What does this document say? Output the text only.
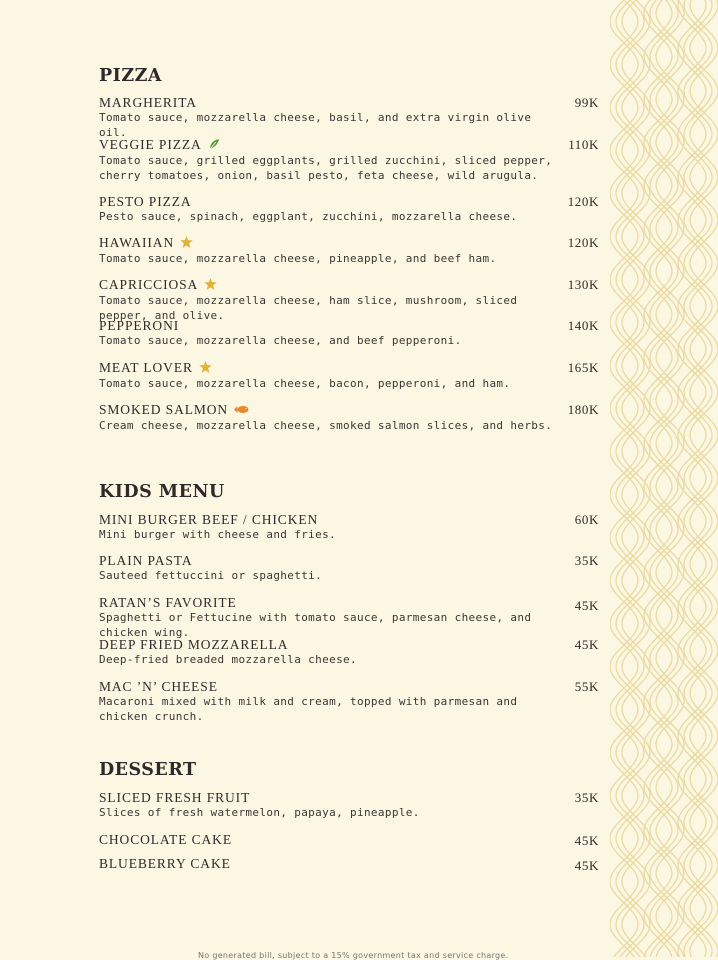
PIZZA
MARGHERITA
Tomato sauce, mozzarella cheese, basil, and extra virgin olive oil.
99K
VEGGIE PIZZA
Tomato sauce, grilled eggplants, grilled zucchini, sliced pepper, cherry tomatoes, onion, basil pesto, feta cheese, wild arugula.
110K
PESTO PIZZA
Pesto sauce, spinach, eggplant, zucchini, mozzarella cheese.
120K
HAWAIIAN
Tomato sauce, mozzarella cheese, pineapple, and beef ham.
120K
CAPRICCIOSA
Tomato sauce, mozzarella cheese, ham slice, mushroom, sliced pepper, and olive.
130K
PEPPERONI
Tomato sauce, mozzarella cheese, and beef pepperoni.
140K
MEAT LOVER
Tomato sauce, mozzarella cheese, bacon, pepperoni, and ham.
165K
SMOKED SALMON
Cream cheese, mozzarella cheese, smoked salmon slices, and herbs.
180K
KIDS MENU
MINI BURGER BEEF / CHICKEN
Mini burger with cheese and fries.
60K
PLAIN PASTA
Sauteed fettuccini or spaghetti.
35K
RATAN’S FAVORITE
Spaghetti or Fettucine with tomato sauce, parmesan cheese, and chicken wing.
45K
DEEP FRIED MOZZARELLA
Deep-fried breaded mozzarella cheese.
45K
MAC ’N’ CHEESE
Macaroni mixed with milk and cream, topped with parmesan and chicken crunch.
55K
DESSERT
SLICED FRESH FRUIT
Slices of fresh watermelon, papaya, pineapple.
35K
CHOCOLATE CAKE	45K
BLUEBERRY CAKE	45K
No generated bill, subject to a 15% government tax and service charge.
